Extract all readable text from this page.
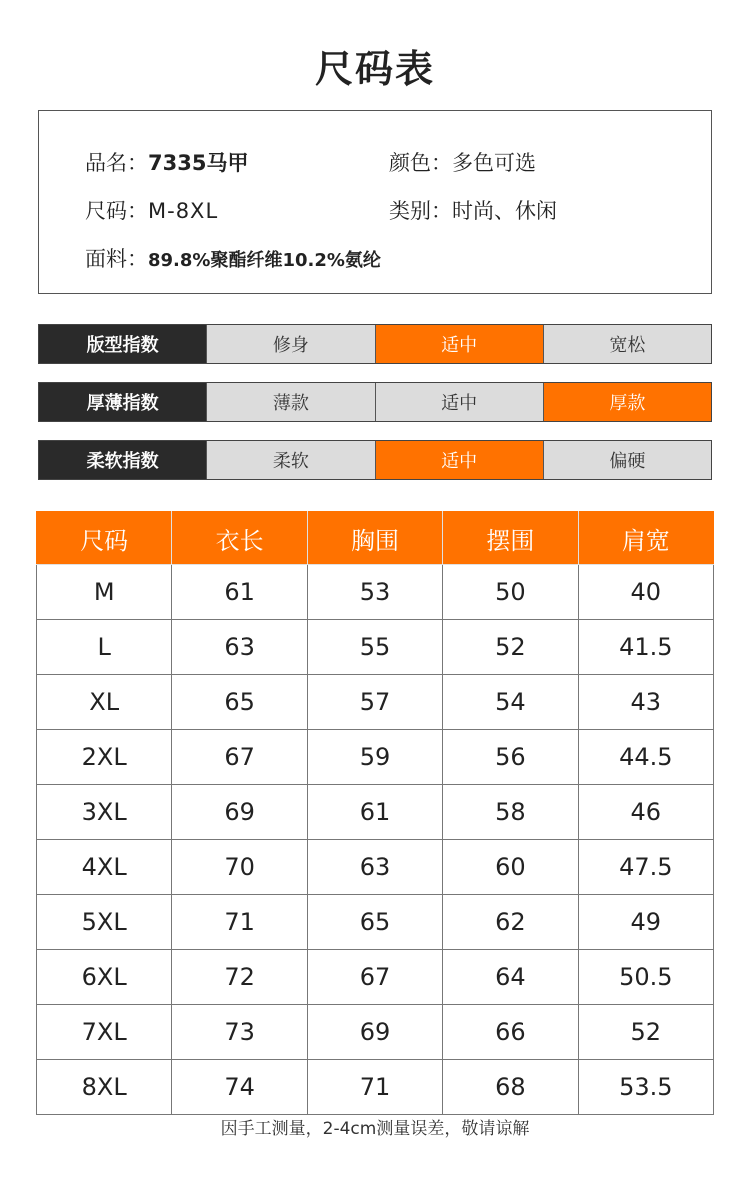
尺码表
品名：7335马甲	颜色：多色可选
尺码：M-8XL	类别：时尚、休闲
面料：89.8%聚酯纤维10.2%氨纶
版型指数	修身	适中	宽松
厚薄指数	薄款	适中	厚款
柔软指数	柔软	适中	偏硬
尺码	衣长	胸围	摆围	肩宽
M	61	53	50	40
L	63	55	52	41.5
XL	65	57	54	43
2XL	67	59	56	44.5
3XL	69	61	58	46
4XL	70	63	60	47.5
5XL	71	65	62	49
6XL	72	67	64	50.5
7XL	73	69	66	52
8XL	74	71	68	53.5
因手工测量，2-4cm测量误差，敬请谅解
